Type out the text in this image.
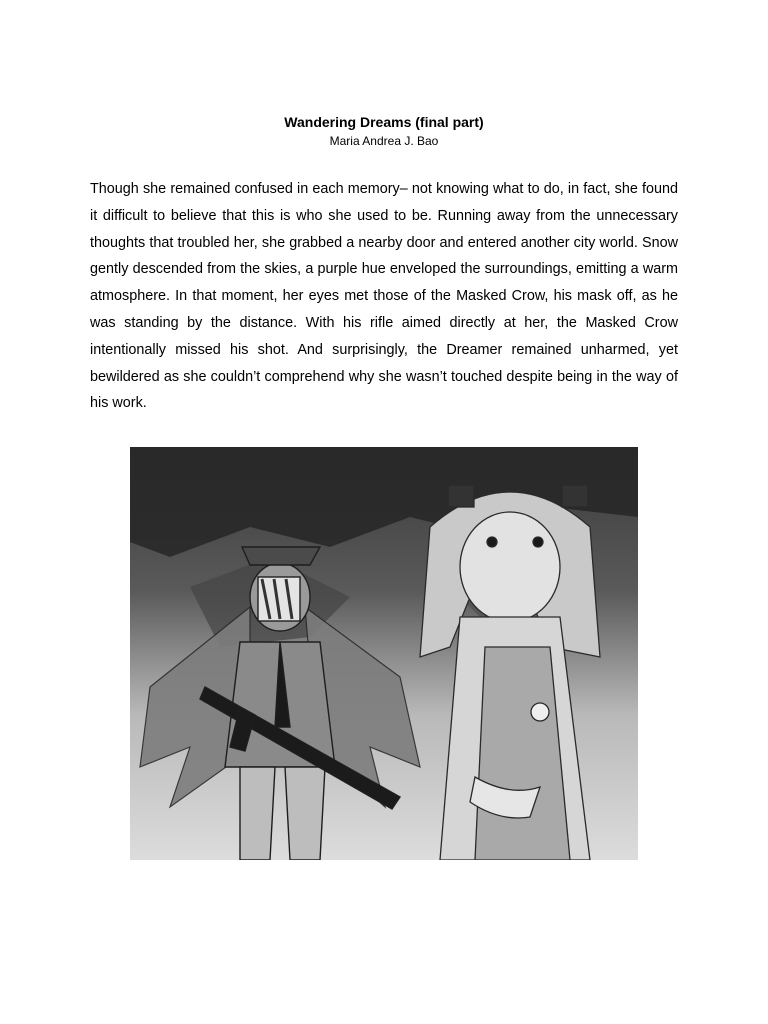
Wandering Dreams (final part)
Maria Andrea J. Bao

Though she remained confused in each memory– not knowing what to do, in fact, she found it difficult to believe that this is who she used to be. Running away from the unnecessary thoughts that troubled her, she grabbed a nearby door and entered another city world. Snow gently descended from the skies, a purple hue enveloped the surroundings, emitting a warm atmosphere. In that moment, her eyes met those of the Masked Crow, his mask off, as he was standing by the distance. With his rifle aimed directly at her, the Masked Crow intentionally missed his shot. And surprisingly, the Dreamer remained unharmed, yet bewildered as she couldn’t comprehend why she wasn’t touched despite being in the way of his work.
